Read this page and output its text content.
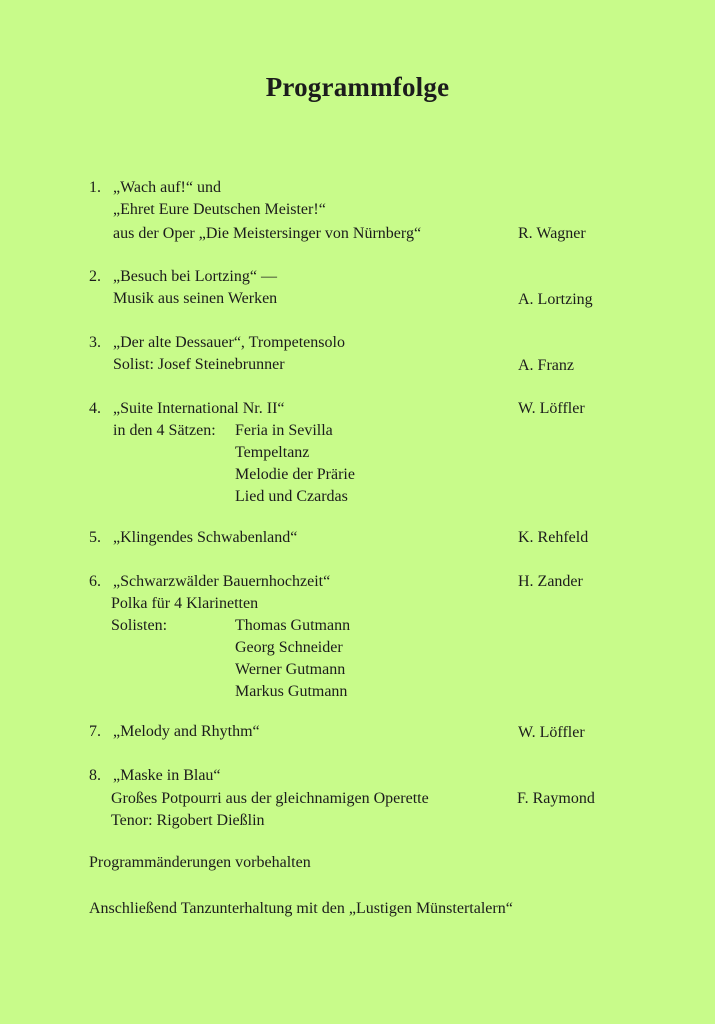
Programmfolge
1. „Wach auf!“ und
„Ehret Eure Deutschen Meister!“
aus der Oper „Die Meistersinger von Nürnberg“	R. Wagner
2. „Besuch bei Lortzing“ —
Musik aus seinen Werken	A. Lortzing
3. „Der alte Dessauer“, Trompetensolo
Solist: Josef Steinebrunner	A. Franz
4. „Suite International Nr. II“	W. Löffler
in den 4 Sätzen: Feria in Sevilla
Tempeltanz
Melodie der Prärie
Lied und Czardas
5. „Klingendes Schwabenland“	K. Rehfeld
6. „Schwarzwälder Bauernhochzeit“	H. Zander
Polka für 4 Klarinetten
Solisten:	Thomas Gutmann
Georg Schneider
Werner Gutmann
Markus Gutmann
7. „Melody and Rhythm“	W. Löffler
8. „Maske in Blau“
Großes Potpourri aus der gleichnamigen Operette	F. Raymond
Tenor: Rigobert Dießlin
Programmänderungen vorbehalten
Anschließend Tanzunterhaltung mit den „Lustigen Münstertalern“
